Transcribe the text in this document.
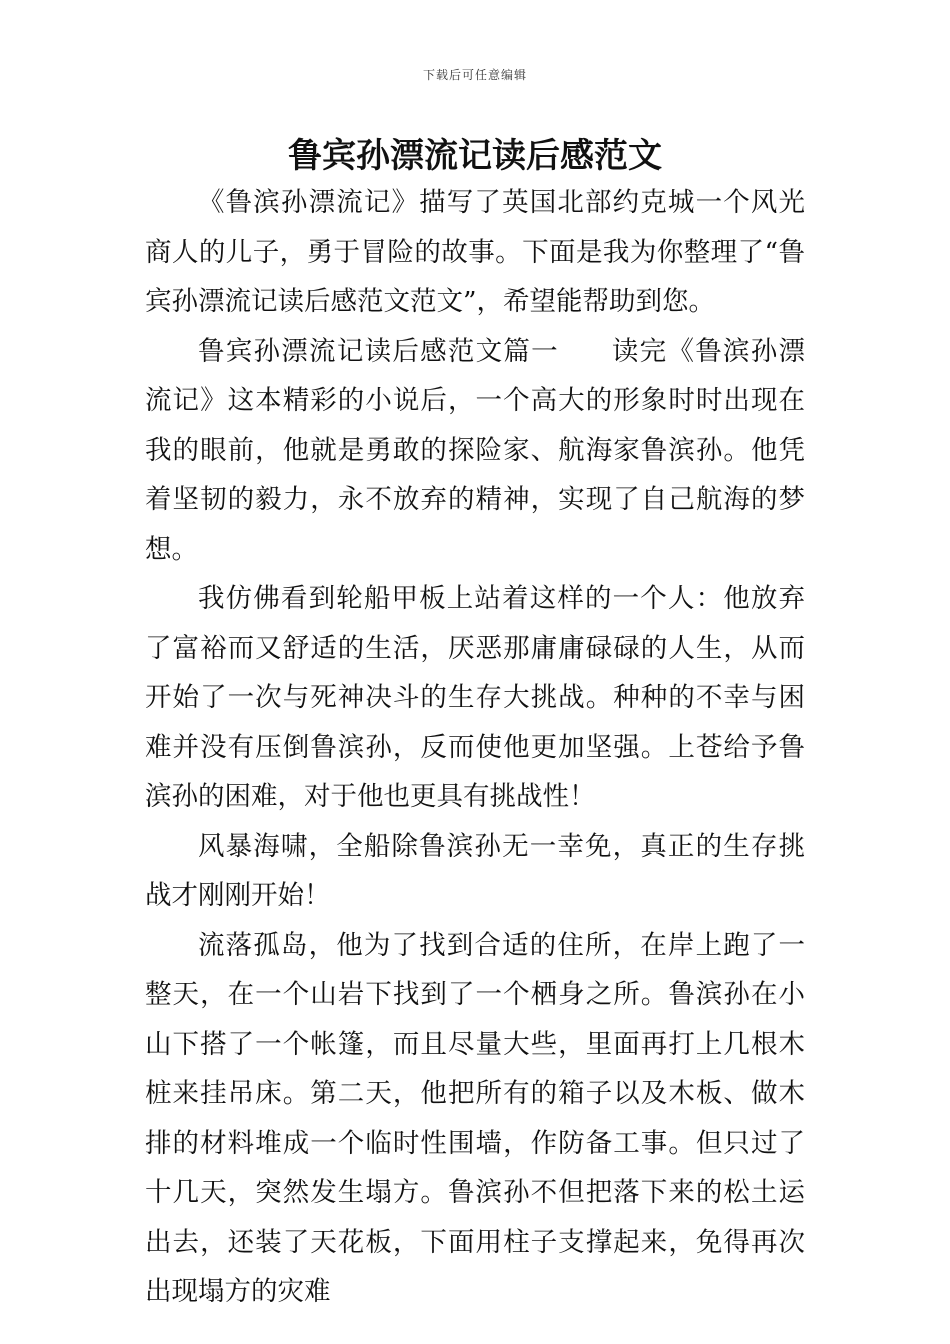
下载后可任意编辑
鲁宾孙漂流记读后感范文

《鲁滨孙漂流记》描写了英国北部约克城一个风光商人的儿子，勇于冒险的故事。下面是我为你整理了“鲁宾孙漂流记读后感范文范文”，希望能帮助到您。

鲁宾孙漂流记读后感范文篇一 读完《鲁滨孙漂流记》这本精彩的小说后，一个高大的形象时时出现在我的眼前，他就是勇敢的探险家、航海家鲁滨孙。他凭着坚韧的毅力，永不放弃的精神，实现了自己航海的梦想。

我仿佛看到轮船甲板上站着这样的一个人：他放弃了富裕而又舒适的生活，厌恶那庸庸碌碌的人生，从而开始了一次与死神决斗的生存大挑战。种种的不幸与困难并没有压倒鲁滨孙，反而使他更加坚强。上苍给予鲁滨孙的困难，对于他也更具有挑战性！

风暴海啸，全船除鲁滨孙无一幸免，真正的生存挑战才刚刚开始！

流落孤岛，他为了找到合适的住所，在岸上跑了一整天，在一个山岩下找到了一个栖身之所。鲁滨孙在小山下搭了一个帐篷，而且尽量大些，里面再打上几根木桩来挂吊床。第二天，他把所有的箱子以及木板、做木排的材料堆成一个临时性围墙，作防备工事。但只过了十几天，突然发生塌方。鲁滨孙不但把落下来的松土运出去，还装了天花板，下面用柱子支撑起来，免得再次出现塌方的灾难
